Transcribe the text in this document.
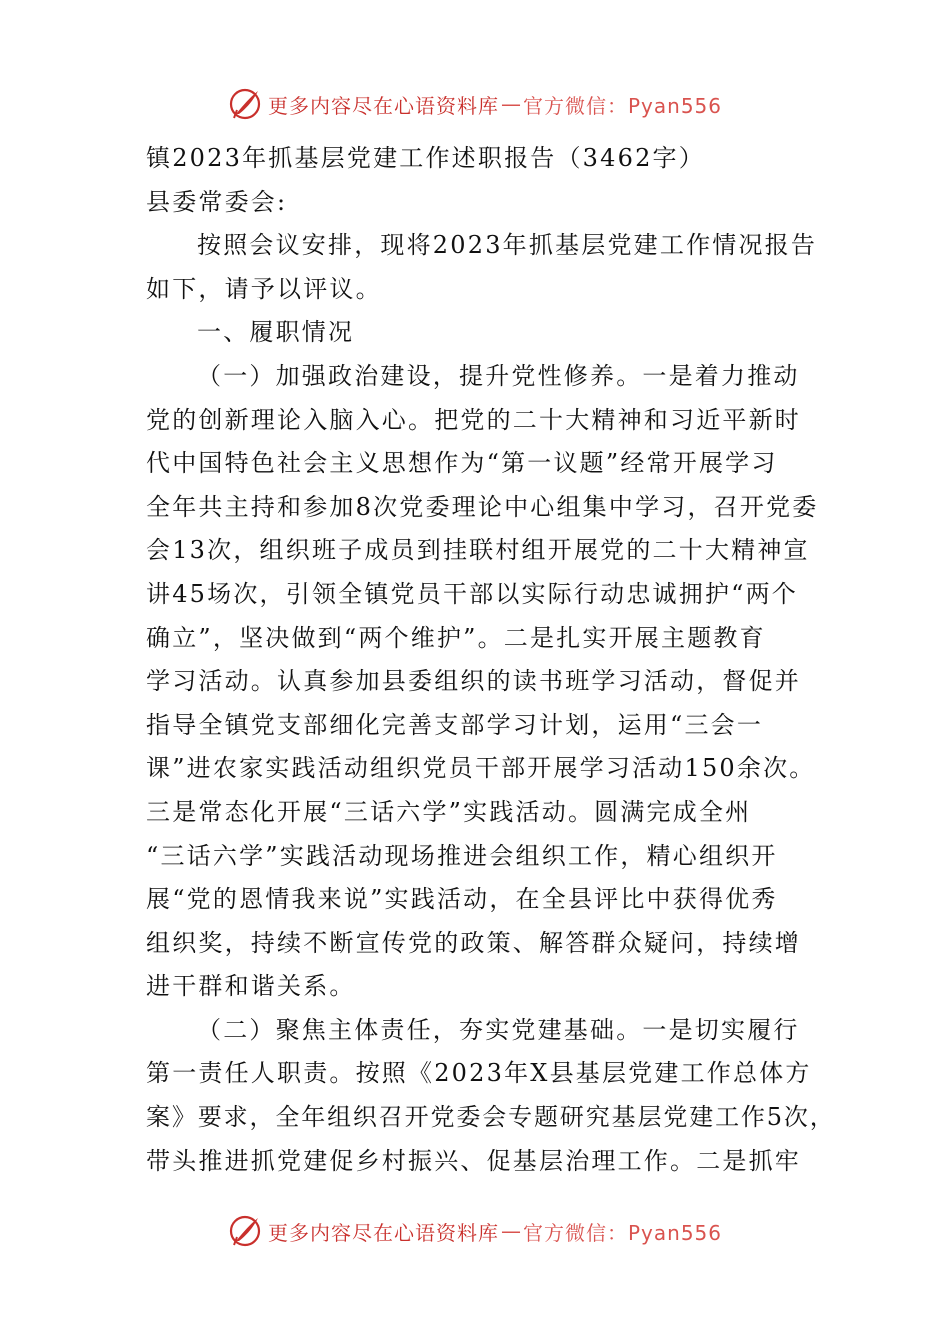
更多内容尽在心语资料库 — 官方微信：Pyan556
镇2023年抓基层党建工作述职报告（3462字）
县委常委会:
按照会议安排，现将2023年抓基层党建工作情况报告
如下，请予以评议。
一、履职情况
（一）加强政治建设，提升党性修养。一是着力推动
党的创新理论入脑入心。把党的二十大精神和习近平新时
代中国特色社会主义思想作为“第一议题”经常开展学习
全年共主持和参加8次党委理论中心组集中学习，召开党委
会13次，组织班子成员到挂联村组开展党的二十大精神宣
讲45场次，引领全镇党员干部以实际行动忠诚拥护“两个
确立”，坚决做到“两个维护”。二是扎实开展主题教育
学习活动。认真参加县委组织的读书班学习活动，督促并
指导全镇党支部细化完善支部学习计划，运用“三会一
课”进农家实践活动组织党员干部开展学习活动150余次。
三是常态化开展“三话六学”实践活动。圆满完成全州
“三话六学”实践活动现场推进会组织工作，精心组织开
展“党的恩情我来说”实践活动，在全县评比中获得优秀
组织奖，持续不断宣传党的政策、解答群众疑问，持续增
进干群和谐关系。
（二）聚焦主体责任，夯实党建基础。一是切实履行
第一责任人职责。按照《2023年X县基层党建工作总体方
案》要求，全年组织召开党委会专题研究基层党建工作5次，
带头推进抓党建促乡村振兴、促基层治理工作。二是抓牢
更多内容尽在心语资料库 — 官方微信：Pyan556
